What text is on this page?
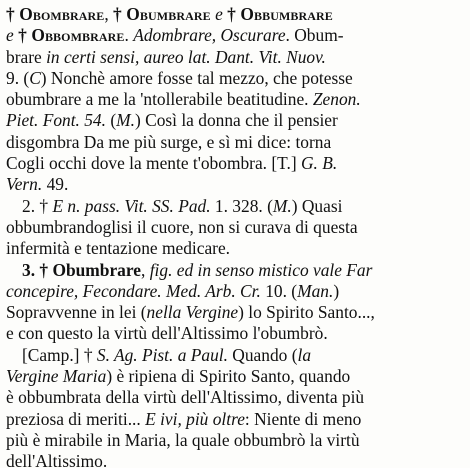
† Obombrare, † Obumbrare e † Obbumbrare
e † Obbombrare. Adombrare, Oscurare. Obum-
brare in certi sensi, aureo lat. Dant. Vit. Nuov.
9. (C) Nonchè amore fosse tal mezzo, che potesse
obumbrare a me la 'ntollerabile beatitudine. Zenon.
Piet. Font. 54. (M.) Così la donna che il pensier
disgombra Da me più surge, e sì mi dice: torna
Cogli occhi dove la mente t'obombra. [T.] G. B.
Vern. 49.
2. † E n. pass. Vit. SS. Pad. 1. 328. (M.) Quasi
obbumbrandoglisi il cuore, non si curava di questa
infermità e tentazione medicare.
3. † Obumbrare, fig. ed in senso mistico vale Far
concepire, Fecondare. Med. Arb. Cr. 10. (Man.)
Sopravvenne in lei (nella Vergine) lo Spirito Santo...,
e con questo la virtù dell'Altissimo l'obumbrò.
[Camp.] † S. Ag. Pist. a Paul. Quando (la
Vergine Maria) è ripiena di Spirito Santo, quando
è obbumbrata della virtù dell'Altissimo, diventa più
preziosa di meriti... E ivi, più oltre: Niente di meno
più è mirabile in Maria, la quale obbumbrò la virtù
dell'Altissimo.
